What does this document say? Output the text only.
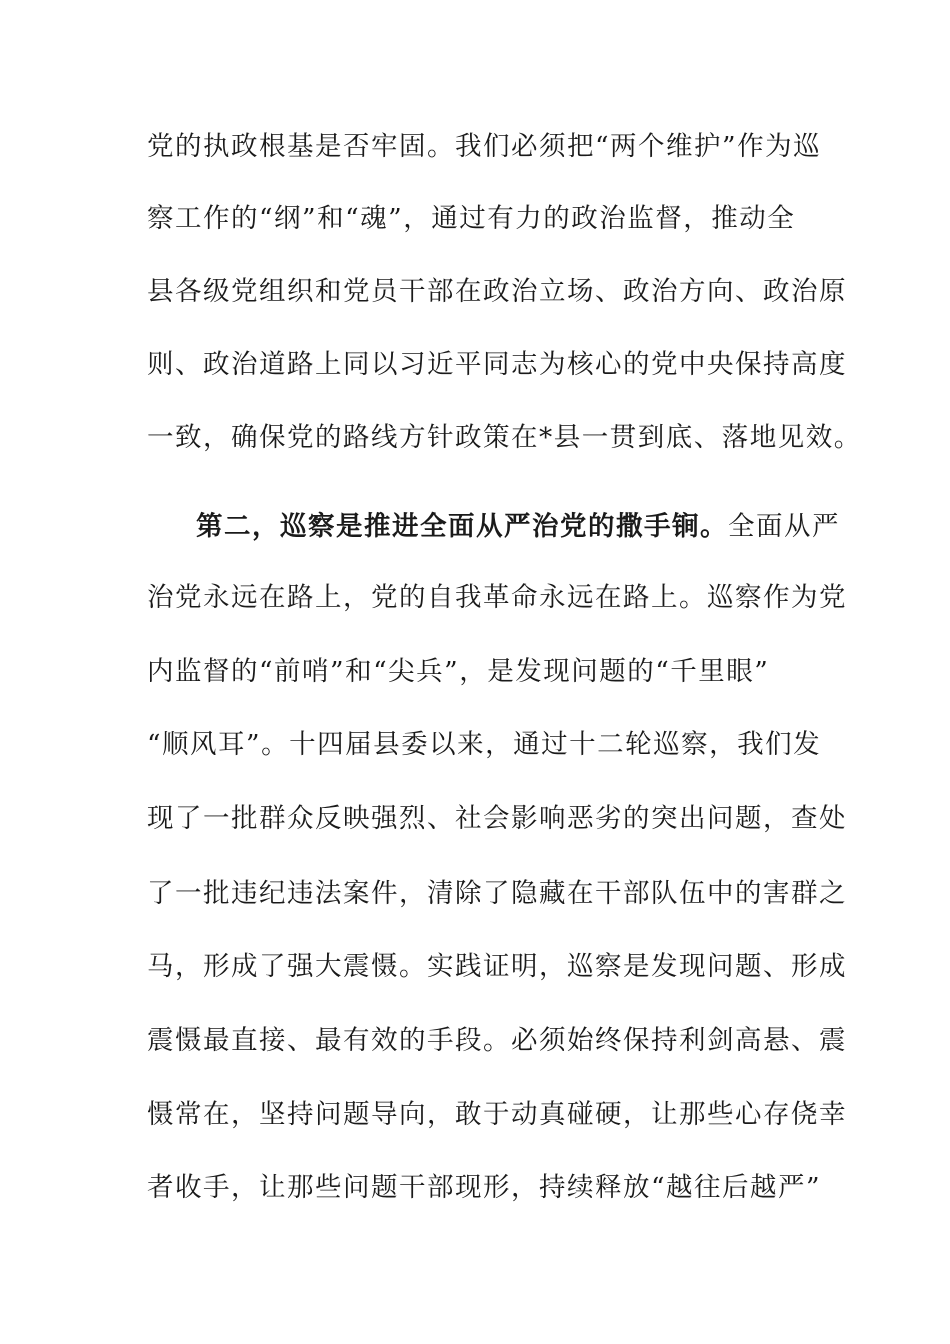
党的执政根基是否牢固。我们必须把“两个维护”作为巡
察工作的“纲”和“魂”，通过有力的政治监督，推动全
县各级党组织和党员干部在政治立场、政治方向、政治原
则、政治道路上同以习近平同志为核心的党中央保持高度
一致，确保党的路线方针政策在*县一贯到底、落地见效。
第二，巡察是推进全面从严治党的撒手锏。全面从严
治党永远在路上，党的自我革命永远在路上。巡察作为党
内监督的“前哨”和“尖兵”，是发现问题的“千里眼”
“顺风耳”。十四届县委以来，通过十二轮巡察，我们发
现了一批群众反映强烈、社会影响恶劣的突出问题，查处
了一批违纪违法案件，清除了隐藏在干部队伍中的害群之
马，形成了强大震慑。实践证明，巡察是发现问题、形成
震慑最直接、最有效的手段。必须始终保持利剑高悬、震
慑常在，坚持问题导向，敢于动真碰硬，让那些心存侥幸
者收手，让那些问题干部现形，持续释放“越往后越严”
